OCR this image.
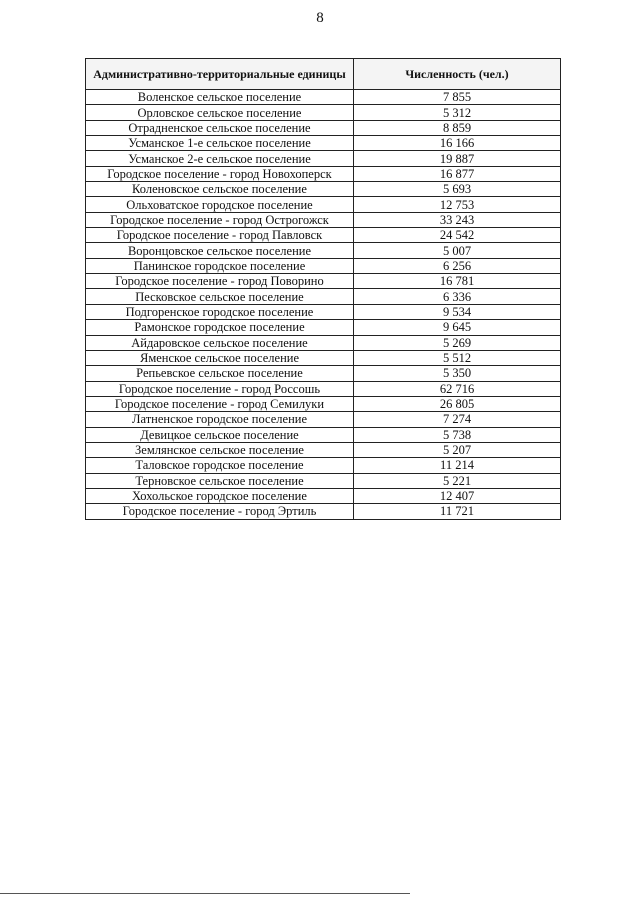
8
Административно-территориальные единицы	Численность (чел.)
Воленское сельское поселение	7 855
Орловское сельское поселение	5 312
Отрадненское сельское поселение	8 859
Усманское 1-е сельское поселение	16 166
Усманское 2-е сельское поселение	19 887
Городское поселение - город Новохоперск	16 877
Коленовское сельское поселение	5 693
Ольховатское городское поселение	12 753
Городское поселение - город Острогожск	33 243
Городское поселение - город Павловск	24 542
Воронцовское сельское поселение	5 007
Панинское городское поселение	6 256
Городское поселение - город Поворино	16 781
Песковское сельское поселение	6 336
Подгоренское городское поселение	9 534
Рамонское городское поселение	9 645
Айдаровское сельское поселение	5 269
Яменское сельское поселение	5 512
Репьевское сельское поселение	5 350
Городское поселение - город Россошь	62 716
Городское поселение - город Семилуки	26 805
Латненское городское поселение	7 274
Девицкое сельское поселение	5 738
Землянское сельское поселение	5 207
Таловское городское поселение	11 214
Терновское сельское поселение	5 221
Хохольское городское поселение	12 407
Городское поселение - город Эртиль	11 721
